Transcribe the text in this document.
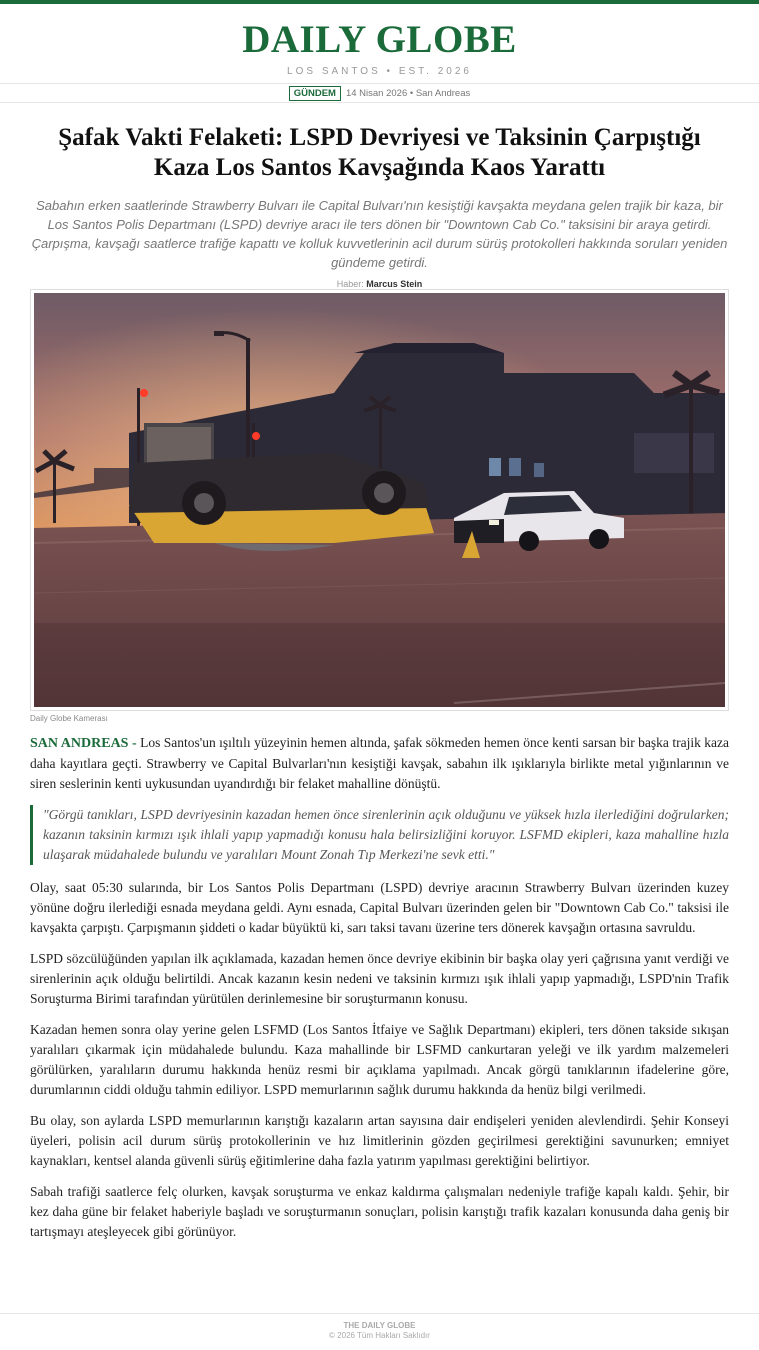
DAILY GLOBE
LOS SANTOS • EST. 2026
GÜNDEM	14 Nisan 2026 • San Andreas
Şafak Vakti Felaketi: LSPD Devriyesi ve Taksinin Çarpıştığı Kaza Los Santos Kavşağında Kaos Yarattı

Sabahın erken saatlerinde Strawberry Bulvarı ile Capital Bulvarı'nın kesiştiği kavşakta meydana gelen trajik bir kaza, bir Los Santos Polis Departmanı (LSPD) devriye aracı ile ters dönen bir "Downtown Cab Co." taksisini bir araya getirdi. Çarpışma, kavşağı saatlerce trafiğe kapattı ve kolluk kuvvetlerinin acil durum sürüş protokolleri hakkında soruları yeniden gündeme getirdi.

Haber: Marcus Stein
Daily Globe Kamerası

SAN ANDREAS - Los Santos'un ışıltılı yüzeyinin hemen altında, şafak sökmeden hemen önce kenti sarsan bir başka trajik kaza daha kayıtlara geçti. Strawberry ve Capital Bulvarları'nın kesiştiği kavşak, sabahın ilk ışıklarıyla birlikte metal yığınlarının ve siren seslerinin kenti uykusundan uyandırdığı bir felaket mahalline dönüştü.

"Görgü tanıkları, LSPD devriyesinin kazadan hemen önce sirenlerinin açık olduğunu ve yüksek hızla ilerlediğini doğrularken; kazanın taksinin kırmızı ışık ihlali yapıp yapmadığı konusu hala belirsizliğini koruyor. LSFMD ekipleri, kaza mahalline hızla ulaşarak müdahalede bulundu ve yaralıları Mount Zonah Tıp Merkezi'ne sevk etti."

Olay, saat 05:30 sularında, bir Los Santos Polis Departmanı (LSPD) devriye aracının Strawberry Bulvarı üzerinden kuzey yönüne doğru ilerlediği esnada meydana geldi. Aynı esnada, Capital Bulvarı üzerinden gelen bir "Downtown Cab Co." taksisi ile kavşakta çarpıştı. Çarpışmanın şiddeti o kadar büyüktü ki, sarı taksi tavanı üzerine ters dönerek kavşağın ortasına savruldu.

LSPD sözcülüğünden yapılan ilk açıklamada, kazadan hemen önce devriye ekibinin bir başka olay yeri çağrısına yanıt verdiği ve sirenlerinin açık olduğu belirtildi. Ancak kazanın kesin nedeni ve taksinin kırmızı ışık ihlali yapıp yapmadığı, LSPD'nin Trafik Soruşturma Birimi tarafından yürütülen derinlemesine bir soruşturmanın konusu.

Kazadan hemen sonra olay yerine gelen LSFMD (Los Santos İtfaiye ve Sağlık Departmanı) ekipleri, ters dönen takside sıkışan yaralıları çıkarmak için müdahalede bulundu. Kaza mahallinde bir LSFMD cankurtaran yeleği ve ilk yardım malzemeleri görülürken, yaralıların durumu hakkında henüz resmi bir açıklama yapılmadı. Ancak görgü tanıklarının ifadelerine göre, durumlarının ciddi olduğu tahmin ediliyor. LSPD memurlarının sağlık durumu hakkında da henüz bilgi verilmedi.

Bu olay, son aylarda LSPD memurlarının karıştığı kazaların artan sayısına dair endişeleri yeniden alevlendirdi. Şehir Konseyi üyeleri, polisin acil durum sürüş protokollerinin ve hız limitlerinin gözden geçirilmesi gerektiğini savunurken; emniyet kaynakları, kentsel alanda güvenli sürüş eğitimlerine daha fazla yatırım yapılması gerektiğini belirtiyor.

Sabah trafiği saatlerce felç olurken, kavşak soruşturma ve enkaz kaldırma çalışmaları nedeniyle trafiğe kapalı kaldı. Şehir, bir kez daha güne bir felaket haberiyle başladı ve soruşturmanın sonuçları, polisin karıştığı trafik kazaları konusunda daha geniş bir tartışmayı ateşleyecek gibi görünüyor.

THE DAILY GLOBE
© 2026 Tüm Hakları Saklıdır
